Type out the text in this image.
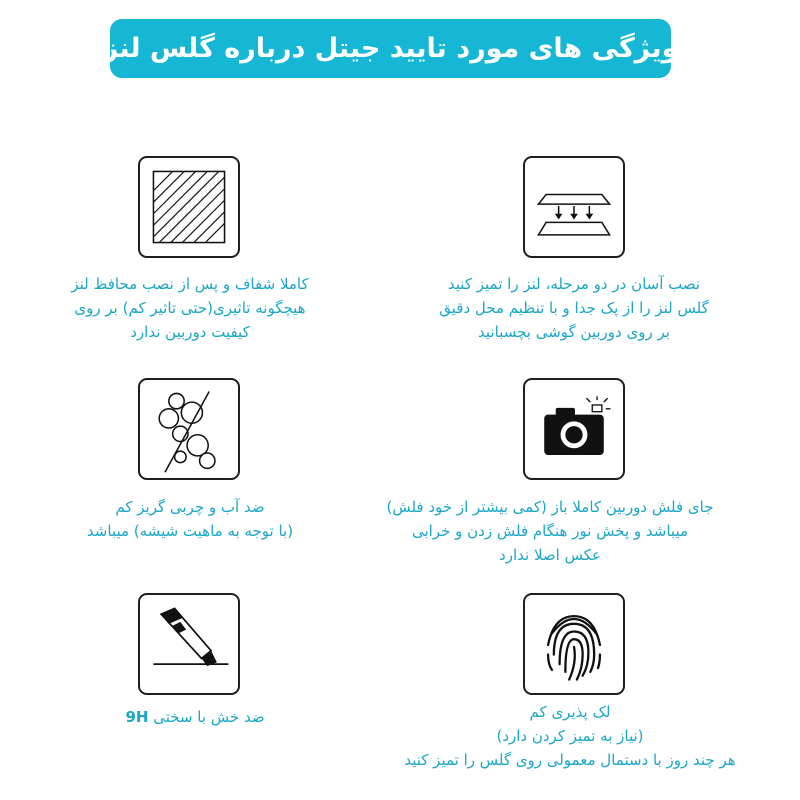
ویژگی های مورد تایید جیتل درباره گلس لنز
نصب آسان در دو مرحله، لنز را تمیز کنید
گلس لنز را از پک جدا و با تنظیم محل دقیق
بر روی دوربین گوشی بچسبانید
کاملا شفاف و پس از نصب محافظ لنز
هیچگونه تاثیری(حتی تاثیر کم) بر روی
کیفیت دوربین ندارد
جای فلش دوربین کاملا باز (کمی بیشتر از خود فلش)
میباشد و پخش نور هنگام فلش زدن و خرابی
عکس اصلا ندارد
ضد آب و چربی گریز کم
(با توجه به ماهیت شیشه) میباشد
لک پذیری کم
(نیاز به تمیز کردن دارد)
هر چند روز با دستمال معمولی روی گلس را تمیز کنید
ضد خش با سختی 9H
